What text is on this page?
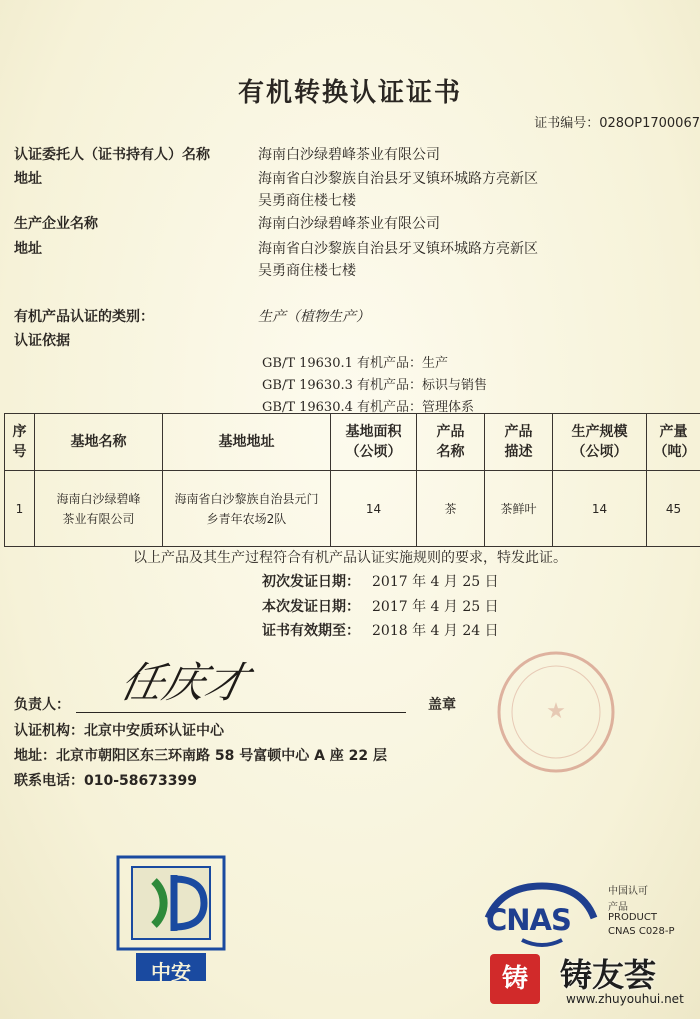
有机转换认证证书
证书编号：028OP1700067
认证委托人（证书持有人）名称	海南白沙绿碧峰茶业有限公司
地址	海南省白沙黎族自治县牙叉镇环城路方亮新区
吴勇商住楼七楼
生产企业名称	海南白沙绿碧峰茶业有限公司
地址	海南省白沙黎族自治县牙叉镇环城路方亮新区
吴勇商住楼七楼
有机产品认证的类别：	生产（植物生产）
认证依据
GB/T 19630.1 有机产品：生产
GB/T 19630.3 有机产品：标识与销售
GB/T 19630.4 有机产品：管理体系
序号	基地名称	基地地址	基地面积（公顷）	产品名称	产品描述	生产规模（公顷）	产量（吨）
1	海南白沙绿碧峰茶业有限公司	海南省白沙黎族自治县元门乡青年农场2队	14	茶	茶鲜叶	14	45
以上产品及其生产过程符合有机产品认证实施规则的要求，特发此证。
初次发证日期： 2017 年 4 月 25 日
本次发证日期： 2017 年 4 月 25 日
证书有效期至： 2018 年 4 月 24 日
负责人： 任庆才	盖章
认证机构：北京中安质环认证中心
地址：北京市朝阳区东三环南路 58 号富顿中心 A 座 22 层
联系电话：010-58673399
★
中安
CNAS
中国认可
产品
PRODUCT
CNAS C028-P
铸	铸友荟
www.zhuyouhui.net
